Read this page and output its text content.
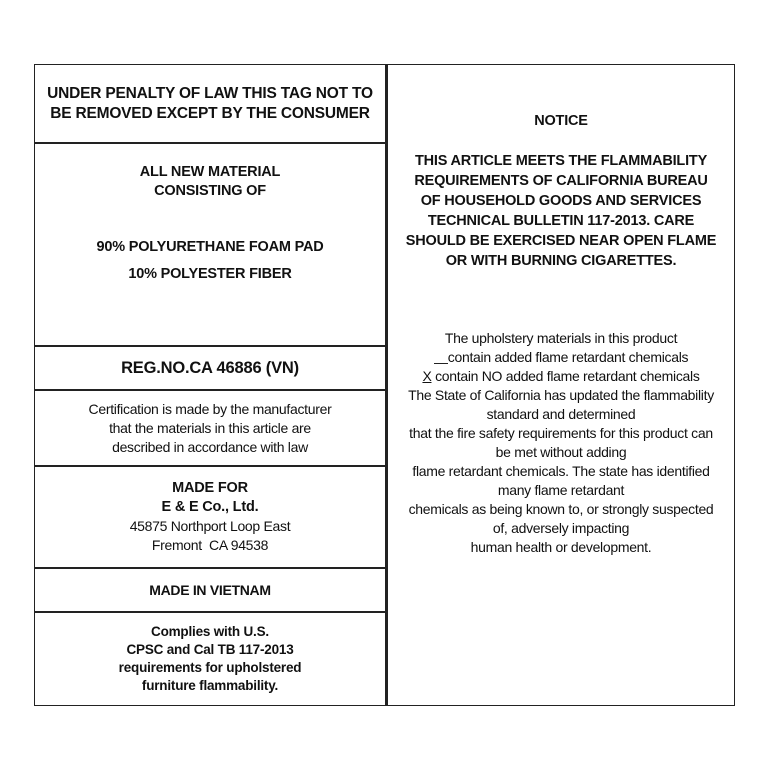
UNDER PENALTY OF LAW THIS TAG NOT TO
BE REMOVED EXCEPT BY THE CONSUMER
ALL NEW MATERIAL
CONSISTING OF
90% POLYURETHANE FOAM PAD
10% POLYESTER FIBER
REG.NO.CA 46886 (VN)
Certification is made by the manufacturer
that the materials in this article are
described in accordance with law
MADE FOR
E & E Co., Ltd.
45875 Northport Loop East
Fremont  CA 94538
MADE IN VIETNAM
Complies with U.S.
CPSC and Cal TB 117-2013
requirements for upholstered
furniture flammability.
NOTICE
THIS ARTICLE MEETS THE FLAMMABILITY
REQUIREMENTS OF CALIFORNIA BUREAU
OF HOUSEHOLD GOODS AND SERVICES
TECHNICAL BULLETIN 117-2013. CARE
SHOULD BE EXERCISED NEAR OPEN FLAME
OR WITH BURNING CIGARETTES.
The upholstery materials in this product
contain added flame retardant chemicals
X contain NO added flame retardant chemicals
The State of California has updated the flammability
standard and determined
that the fire safety requirements for this product can
be met without adding
flame retardant chemicals. The state has identified
many flame retardant
chemicals as being known to, or strongly suspected
of, adversely impacting
human health or development.
